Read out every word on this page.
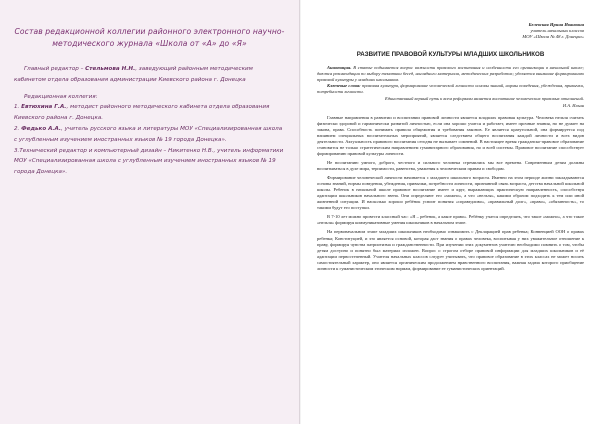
Состав редакционной коллегии районного электронного научно-методического журнала «Школа от «А» до «Я»

Главный редактор – Стельмова Н.Н., заведующий районным методическим кабинетом отдела образования администрации Киевского района г. Донецка

Редакционная коллегия:

1. Евтюхина Г.А., методист районного методического кабинета отдела образования Киевского района г. Донецка.

2. Федько А.А., учитель русского языка и литературы МОУ «Специализированная школа с углубленным изучением иностранных языков № 19 города Донецка».

3.Технический редактор и компьютерный дизайн – Никитенко Н.В., учитель информатики МОУ «Специализированная школа с углубленным изучением иностранных языков № 19 города Донецка».

Белевская Ирина Ивановна
учитель начальных классов
МОУ «Школа № 48 г. Донецка»
РАЗВИТИЕ ПРАВОВОЙ КУЛЬТУРЫ МЛАДШИХ ШКОЛЬНИКОВ

Аннотация. В статье подымается вопрос важности правового воспитания и особенности его организации в начальной школе; даются рекомендации по выбору тематики бесед, наглядного материала, методических разработок; уделяется внимание формированию правовой культуры у младших школьников.

Ключевые слова: правовая культура, формирование человеческой личности основы знаний, нормы поведения, убеждения, привычки, потребности личности.

Единственный верный путь к всем реформам является воспитание человеческих правовых отношений.
И.А. Ильин

Главные направления в развитии и воспитании правовой личности является младших правовая культура. Человека нельзя считать физически здоровой и гармонически развитой личностью, если она хорошо учится и работает, имеет прочные знания, но не думает на закона, права. Способность понимать правила общежития и требования законов. Ее является краеугольной, она формируется под влиянием специальных воспитательных мероприятий, является следствием общего воспитания каждой личности и всех видов деятельности. Актуальность правового воспитания сегодня не вызывает сомнений. В настоящее время гражданско-правовое образование становится не только стратегическим направлением гуманитарного образования, но и всей системы. Правовое воспитание способствует формированию правовой культуры личности.

Не воспитанию умного, доброго, честного и сильного человека стремились мы все времена. Современным детям должны воспитываться в духе мира, терпимости, равенства, уважения к человеческим правам и свободам.

Формирование человеческой личности начинается с младшего школьного возраста. Именно на этом периоде жизни закладываются основы знаний, нормы поведения, убеждения, привычки, потребности личности, признанной связь возраста, детства начальной школьной школы. Ребенок в начальной школе правовое воспитание имеет и круг, выражающих практическую направленность, способствуя адаптации школьников начального звена. Они определяют его «можно», а что «нельзя», какими образом подходить к тем или иной жизненной ситуации. И насколько хорошо ребёнок усвоит понятия «справедливо», «правильный долг», «право», «обязанность», то такими будут его поступки.

В 7-10 лет можно провести классный час: «Я – ребенок, а какое право». Ребёнку учатся определять, что такое «можно», а что такое «нельзя» формируя коммуникативные умения школьников в начальном этапе.

На первоначальном этапе младших школьников необходимо ознакомить с Декларацией прав ребенка; Конвенцией ООН о правах ребенка; Конституцией, и это является основой, которая даст знания о правах человека, воспитывая у них уважительное отношение к праву, формируя чувства патриотизма и гражданственности. При изучении этих документов учителю необходимо помнить о том, чтобы детям доступно и понятно был материал изложен. Вопрос о строгом отборе правовой информации для младших школьников и её адаптации первостепенный. Учителя начальных классов следует учитывать, что правовое образование в этих классах не может носить самостоятельный характер, оно является органическим продолжением нравственного воспитания, важная задача которого приобщение личности к гуманистическим этическим нормам, формирование ее гуманистических ориентаций.
